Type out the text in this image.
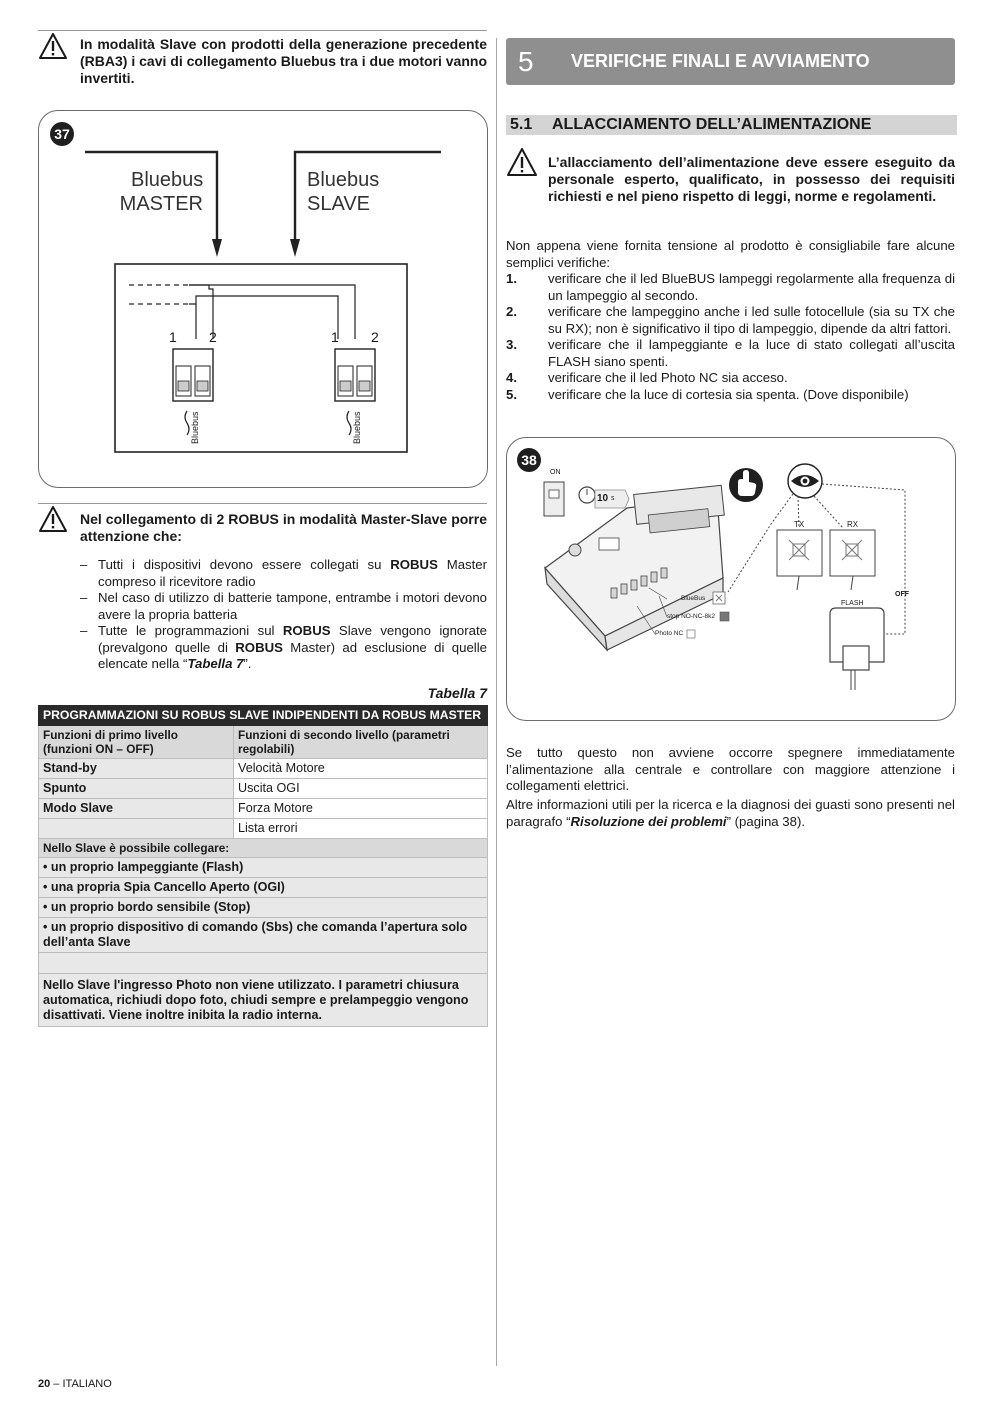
In modalità Slave con prodotti della generazione precedente (RBA3) i cavi di collegamento Bluebus tra i due motori vanno invertiti.
37
Bluebus
MASTER
Bluebus
SLAVE
1 2	1 2
Bluebus	Bluebus
Nel collegamento di 2 ROBUS in modalità Master-Slave porre attenzione che:
– Tutti i dispositivi devono essere collegati su ROBUS Master compreso il ricevitore radio
– Nel caso di utilizzo di batterie tampone, entrambe i motori devono avere la propria batteria
– Tutte le programmazioni sul ROBUS Slave vengono ignorate (prevalgono quelle di ROBUS Master) ad esclusione di quelle elencate nella “Tabella 7”.
Tabella 7
PROGRAMMAZIONI SU ROBUS SLAVE INDIPENDENTI DA ROBUS MASTER	
Funzioni di primo livello (funzioni ON – OFF)	Funzioni di secondo livello (parametri regolabili)
Stand-by	Velocità Motore
Spunto	Uscita OGI
Modo Slave	Forza Motore
	Lista errori
Nello Slave è possibile collegare:	
• un proprio lampeggiante (Flash)	
• una propria Spia Cancello Aperto (OGI)	
• un proprio bordo sensibile (Stop)	
• un proprio dispositivo di comando (Sbs) che comanda l’apertura solo dell’anta Slave	

Nello Slave l'ingresso Photo non viene utilizzato. I parametri chiusura automatica, richiudi dopo foto, chiudi sempre e prelampeggio vengono disattivati. Viene inoltre inibita la radio interna.	
5 VERIFICHE FINALI E AVVIAMENTO
5.1 ALLACCIAMENTO DELL’ALIMENTAZIONE
L’allacciamento dell’alimentazione deve essere eseguito da personale esperto, qualificato, in possesso dei requisiti richiesti e nel pieno rispetto di leggi, norme e regolamenti.
Non appena viene fornita tensione al prodotto è consigliabile fare alcune semplici verifiche:
1. verificare che il led BlueBUS lampeggi regolarmente alla frequenza di un lampeggio al secondo.
2. verificare che lampeggino anche i led sulle fotocellule (sia su TX che su RX); non è significativo il tipo di lampeggio, dipende da altri fattori.
3. verificare che il lampeggiante e la luce di stato collegati all’uscita FLASH siano spenti.
4. verificare che il led Photo NC sia acceso.
5. verificare che la luce di cortesia sia spenta. (Dove disponibile)
38
ON
10 s
TX	RX
FLASH
OFF
BlueBus
stop NO-NC-8k2
Photo NC
Se tutto questo non avviene occorre spegnere immediatamente l’alimentazione alla centrale e controllare con maggiore attenzione i collegamenti elettrici.
Altre informazioni utili per la ricerca e la diagnosi dei guasti sono presenti nel paragrafo “Risoluzione dei problemi” (pagina 38).
20 – ITALIANO
